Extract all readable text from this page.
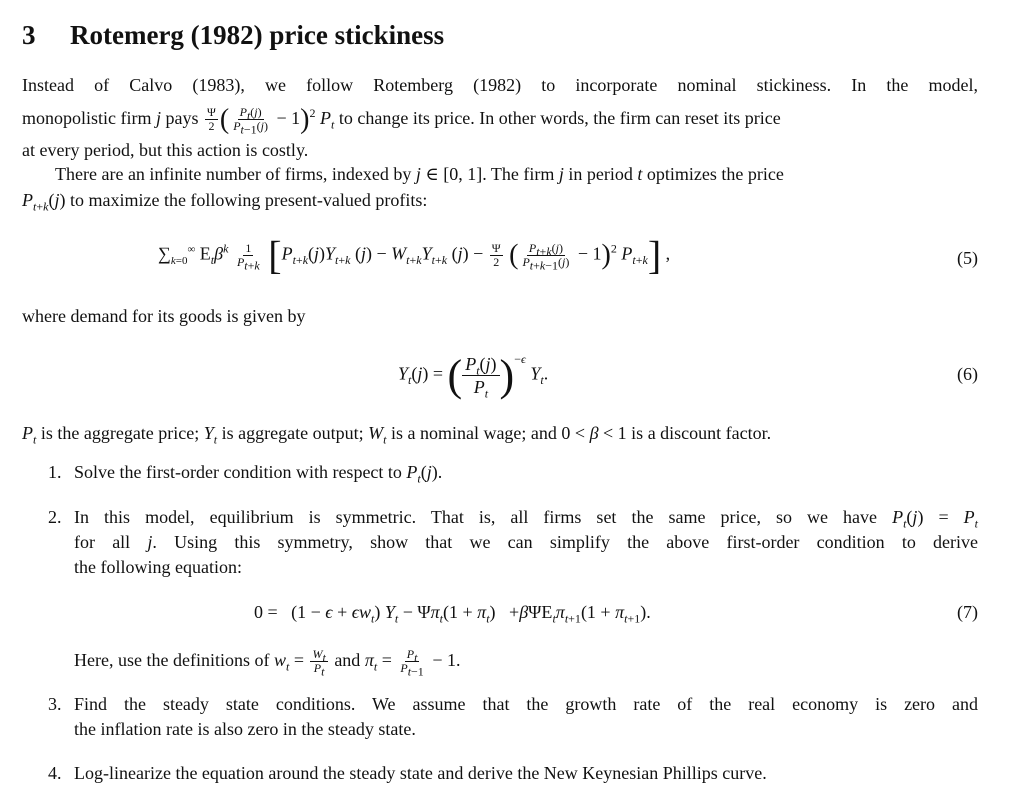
3 Rotemerg (1982) price stickiness
Instead of Calvo (1983), we follow Rotemberg (1982) to incorporate nominal stickiness. In the model,
monopolistic firm j pays $\frac{\Psi}{2}$ ( $\frac{P_t(j)}{P_{t-1}(j)} - 1)^2$ $P_t$ to change its price. In other words, the firm can reset its price
at every period, but this action is costly.
There are an infinite number of firms, indexed by j ∈ [0, 1]. The firm j in period t optimizes the price
$P_{t+k}(j)$ to maximize the following present-valued profits:
$\sum_{k=0}^\infty$ $E_t\beta^k \frac{1}{P_{t+k}} [P_{t+k}(j)Y_{t+k}$ $(j) - W_{t+k}Y_{t+k}$ $(j) - \frac{\Psi}{2}$ ( $\frac{P_{t+k}(j)}{P_{t+k-1}(j)} - 1)^2$ $P_{t+k}$] ,	(5)
where demand for its goods is given by
$Y_t(j)$ = ( $\frac{P_t(j)}{P_t} )^{-\epsilon}$ $Y_t$.	(6)
$P_t$ is the aggregate price; $Y_t$ is aggregate output; $W_t$ is a nominal wage; and 0 < β < 1 is a discount factor.
1. Solve the first-order condition with respect to $P_t(j)$.
2. In this model, equilibrium is symmetric. That is, all firms set the same price, so we have $P_t(j) = P_t$
for all j. Using this symmetry, show that we can simplify the above first-order condition to derive
the following equation:
$0 = (1 - \epsilon + \epsilon w_t)$ $Y_t - \Psi\pi_t(1 + \pi_t) +\beta\Psi E_t\pi_{t+1}(1 + \pi_{t+1})$.	(7)
Here, use the definitions of $w_t = \frac{W_t}{P_t}$ and $\pi_t = \frac{P_t}{P_{t-1}} - 1$.
3. Find the steady state conditions. We assume that the growth rate of the real economy is zero and
the inflation rate is also zero in the steady state.
4. Log-linearize the equation around the steady state and derive the New Keynesian Phillips curve.
